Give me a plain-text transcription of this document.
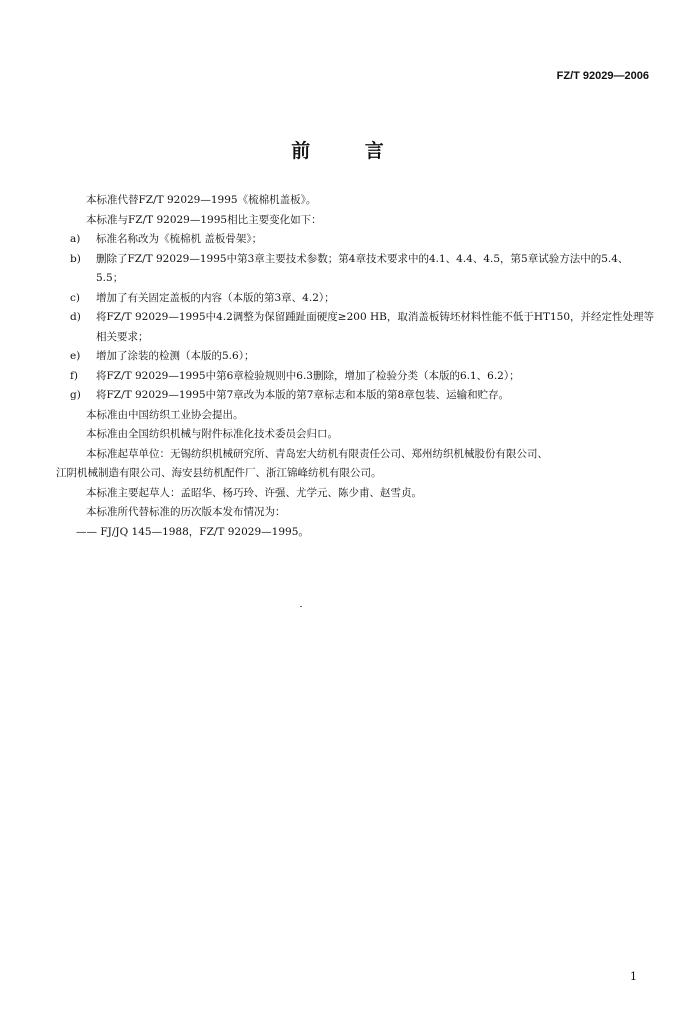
FZ/T 92029—2006
前 言

本标准代替FZ/T 92029—1995《梳棉机盖板》。

本标准与FZ/T 92029—1995相比主要变化如下：

a)	标准名称改为《梳棉机 盖板骨架》；
b)	删除了FZ/T 92029—1995中第3章主要技术参数；第4章技术要求中的4.1、4.4、4.5，第5章试验方法中的5.4、5.5；
c)	增加了有关固定盖板的内容（本版的第3章、4.2）；
d)	将FZ/T 92029—1995中4.2调整为保留踵趾面硬度≥200 HB，取消盖板铸坯材料性能不低于HT150，并经定性处理等相关要求；
e)	增加了涂装的检测（本版的5.6）；
f)	将FZ/T 92029—1995中第6章检验规则中6.3删除，增加了检验分类（本版的6.1、6.2）；
g)	将FZ/T 92029—1995中第7章改为本版的第7章标志和本版的第8章包装、运输和贮存。

本标准由中国纺织工业协会提出。

本标准由全国纺织机械与附件标准化技术委员会归口。

本标准起草单位：无锡纺织机械研究所、青岛宏大纺机有限责任公司、郑州纺织机械股份有限公司、

江阴机械制造有限公司、海安县纺机配件厂、浙江锦峰纺机有限公司。

本标准主要起草人：孟昭华、杨巧玲、许强、尤学元、陈少甫、赵雪贞。

本标准所代替标准的历次版本发布情况为：

—— FJ/JQ 145—1988，FZ/T 92029—1995。

1
